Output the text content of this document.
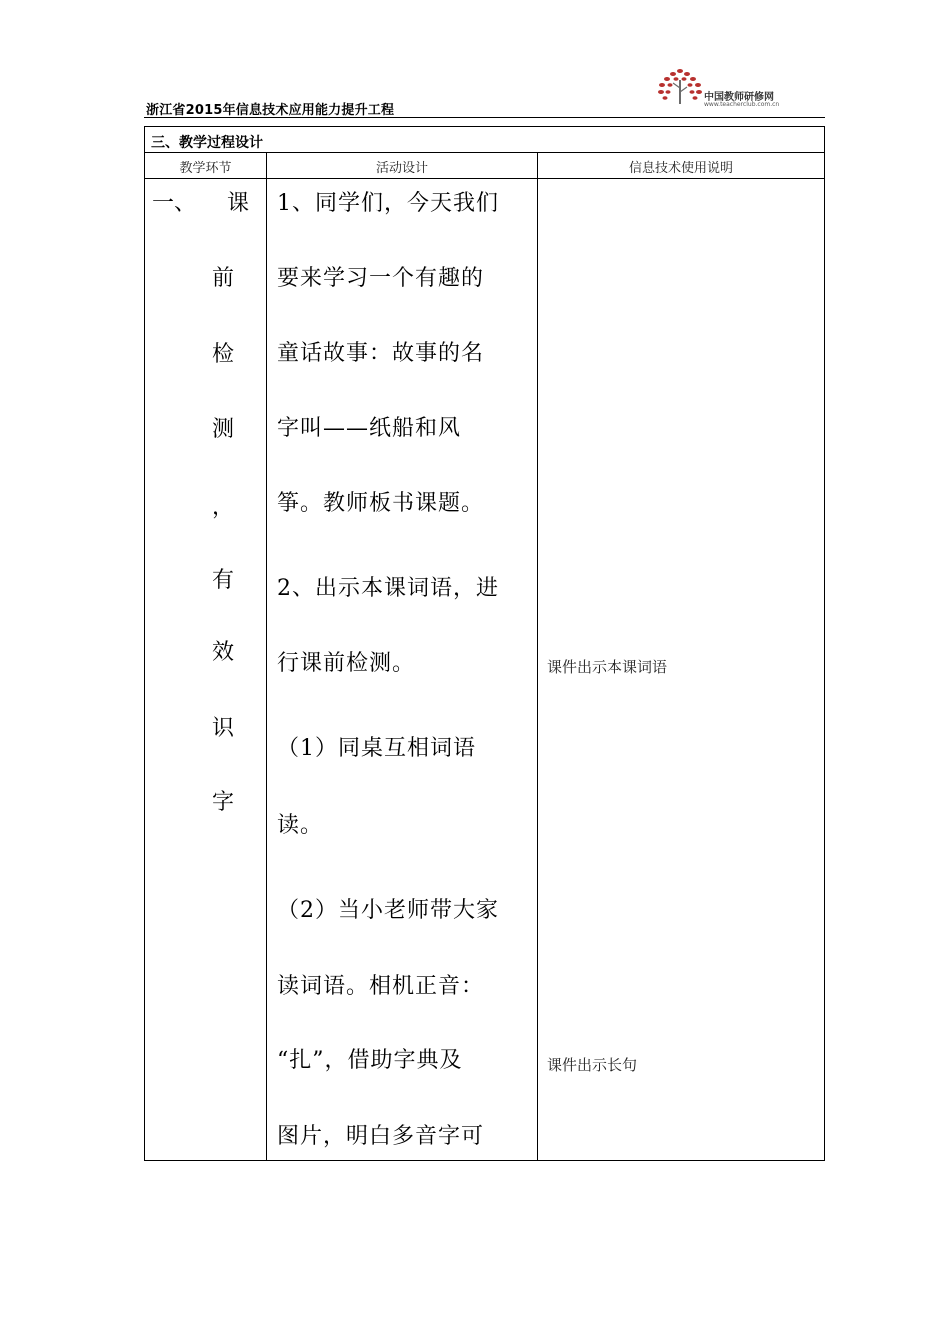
浙江省2015年信息技术应用能力提升工程
中国教师研修网
www.teacherclub.com.cn
三、教学过程设计
教学环节	活动设计	信息技术使用说明
一、 课
前
检
测
，
有
效
识
字
1、同学们，今天我们
要来学习一个有趣的
童话故事：故事的名
字叫——纸船和风
筝。教师板书课题。
2、出示本课词语，进
行课前检测。
（1）同桌互相词语
读。
（2）当小老师带大家
读词语。相机正音：
“扎”，借助字典及
图片，明白多音字可
课件出示本课词语
课件出示长句
